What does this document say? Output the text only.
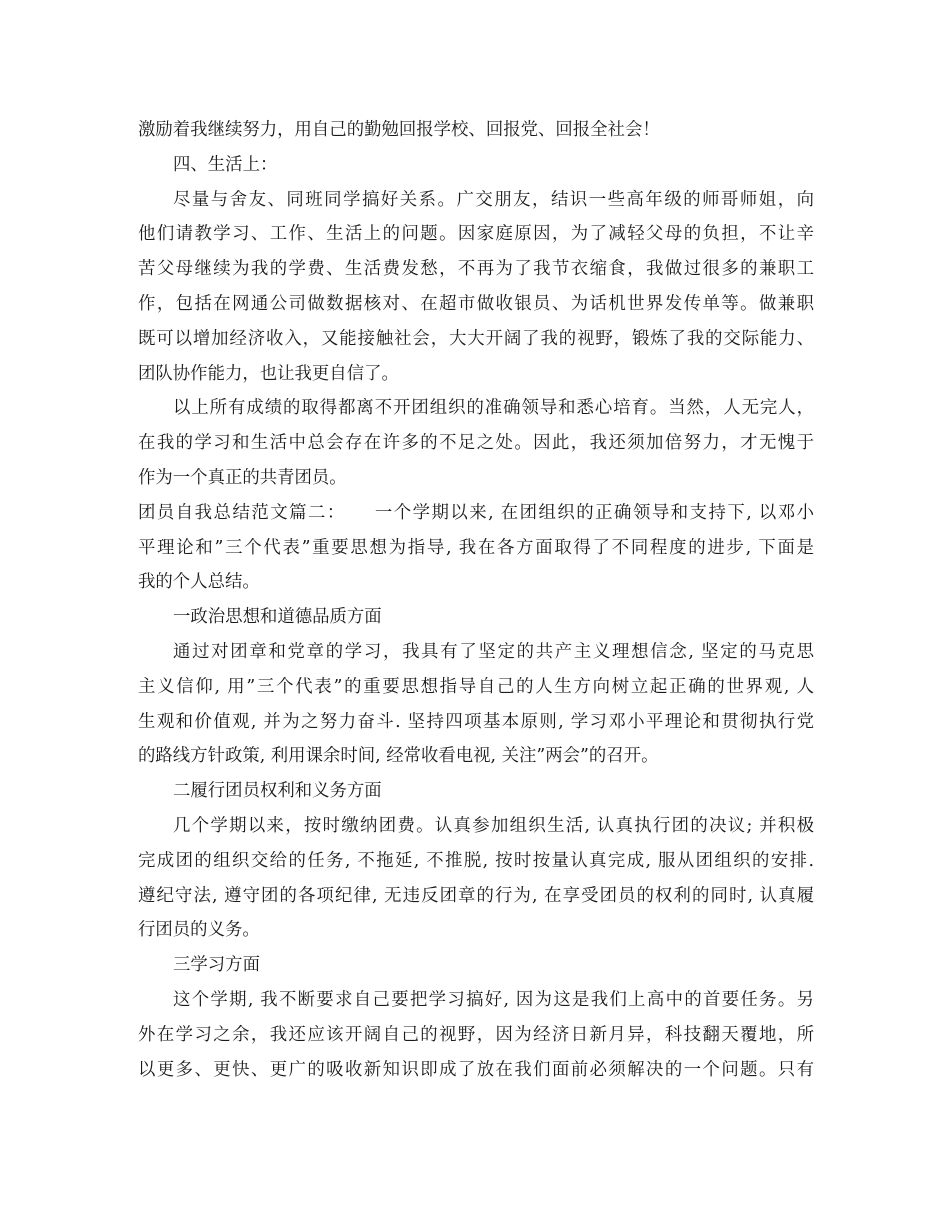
激励着我继续努力，用自己的勤勉回报学校、回报党、回报全社会！
四、生活上：
尽量与舍友、同班同学搞好关系。广交朋友，结识一些高年级的师哥师姐，向
他们请教学习、工作、生活上的问题。因家庭原因，为了减轻父母的负担，不让辛
苦父母继续为我的学费、生活费发愁，不再为了我节衣缩食，我做过很多的兼职工
作，包括在网通公司做数据核对、在超市做收银员、为话机世界发传单等。做兼职
既可以增加经济收入，又能接触社会，大大开阔了我的视野，锻炼了我的交际能力、
团队协作能力，也让我更自信了。
以上所有成绩的取得都离不开团组织的准确领导和悉心培育。当然，人无完人，
在我的学习和生活中总会存在许多的不足之处。因此，我还须加倍努力，才无愧于
作为一个真正的共青团员。
团员自我总结范文篇二：　　一个学期以来, 在团组织的正确领导和支持下, 以邓小
平理论和”三个代表”重要思想为指导, 我在各方面取得了不同程度的进步, 下面是
我的个人总结。
一政治思想和道德品质方面
通过对团章和党章的学习，我具有了坚定的共产主义理想信念, 坚定的马克思
主义信仰, 用”三个代表”的重要思想指导自己的人生方向树立起正确的世界观, 人
生观和价值观, 并为之努力奋斗. 坚持四项基本原则, 学习邓小平理论和贯彻执行党
的路线方针政策, 利用课余时间, 经常收看电视, 关注”两会”的召开。
二履行团员权利和义务方面
几个学期以来，按时缴纳团费。认真参加组织生活, 认真执行团的决议; 并积极
完成团的组织交给的任务, 不拖延, 不推脱, 按时按量认真完成, 服从团组织的安排.
遵纪守法, 遵守团的各项纪律, 无违反团章的行为, 在享受团员的权利的同时, 认真履
行团员的义务。
三学习方面
这个学期, 我不断要求自己要把学习搞好, 因为这是我们上高中的首要任务。另
外在学习之余，我还应该开阔自己的视野，因为经济日新月异，科技翻天覆地，所
以更多、更快、更广的吸收新知识即成了放在我们面前必须解决的一个问题。只有
